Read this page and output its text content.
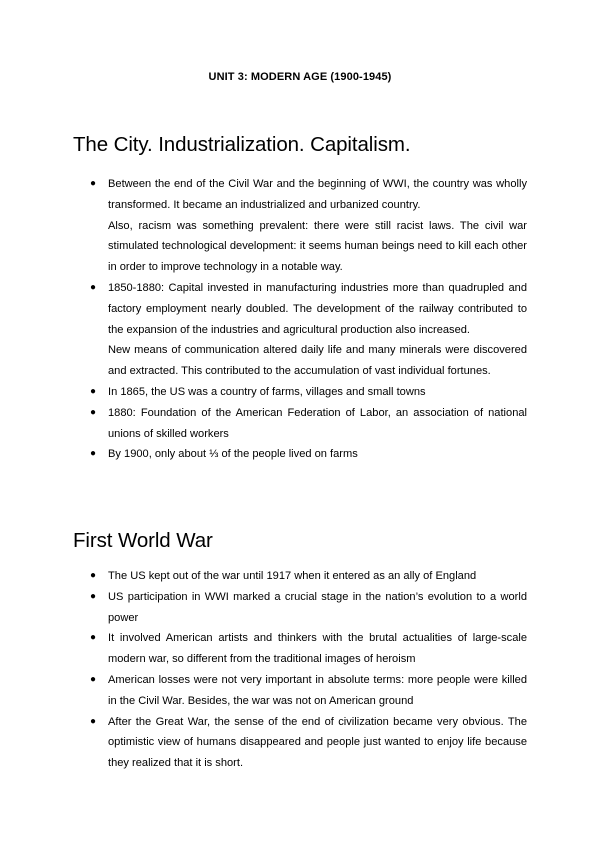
UNIT 3: MODERN AGE (1900-1945)
The City. Industrialization. Capitalism.
● Between the end of the Civil War and the beginning of WWI, the country was wholly transformed. It became an industrialized and urbanized country.
Also, racism was something prevalent: there were still racist laws. The civil war stimulated technological development: it seems human beings need to kill each other in order to improve technology in a notable way.
● 1850-1880: Capital invested in manufacturing industries more than quadrupled and factory employment nearly doubled. The development of the railway contributed to the expansion of the industries and agricultural production also increased.
New means of communication altered daily life and many minerals were discovered and extracted. This contributed to the accumulation of vast individual fortunes.
● In 1865, the US was a country of farms, villages and small towns
● 1880: Foundation of the American Federation of Labor, an association of national unions of skilled workers
● By 1900, only about ⅓ of the people lived on farms
First World War
● The US kept out of the war until 1917 when it entered as an ally of England
● US participation in WWI marked a crucial stage in the nation’s evolution to a world power
● It involved American artists and thinkers with the brutal actualities of large-scale modern war, so different from the traditional images of heroism
● American losses were not very important in absolute terms: more people were killed in the Civil War. Besides, the war was not on American ground
● After the Great War, the sense of the end of civilization became very obvious. The optimistic view of humans disappeared and people just wanted to enjoy life because they realized that it is short.
